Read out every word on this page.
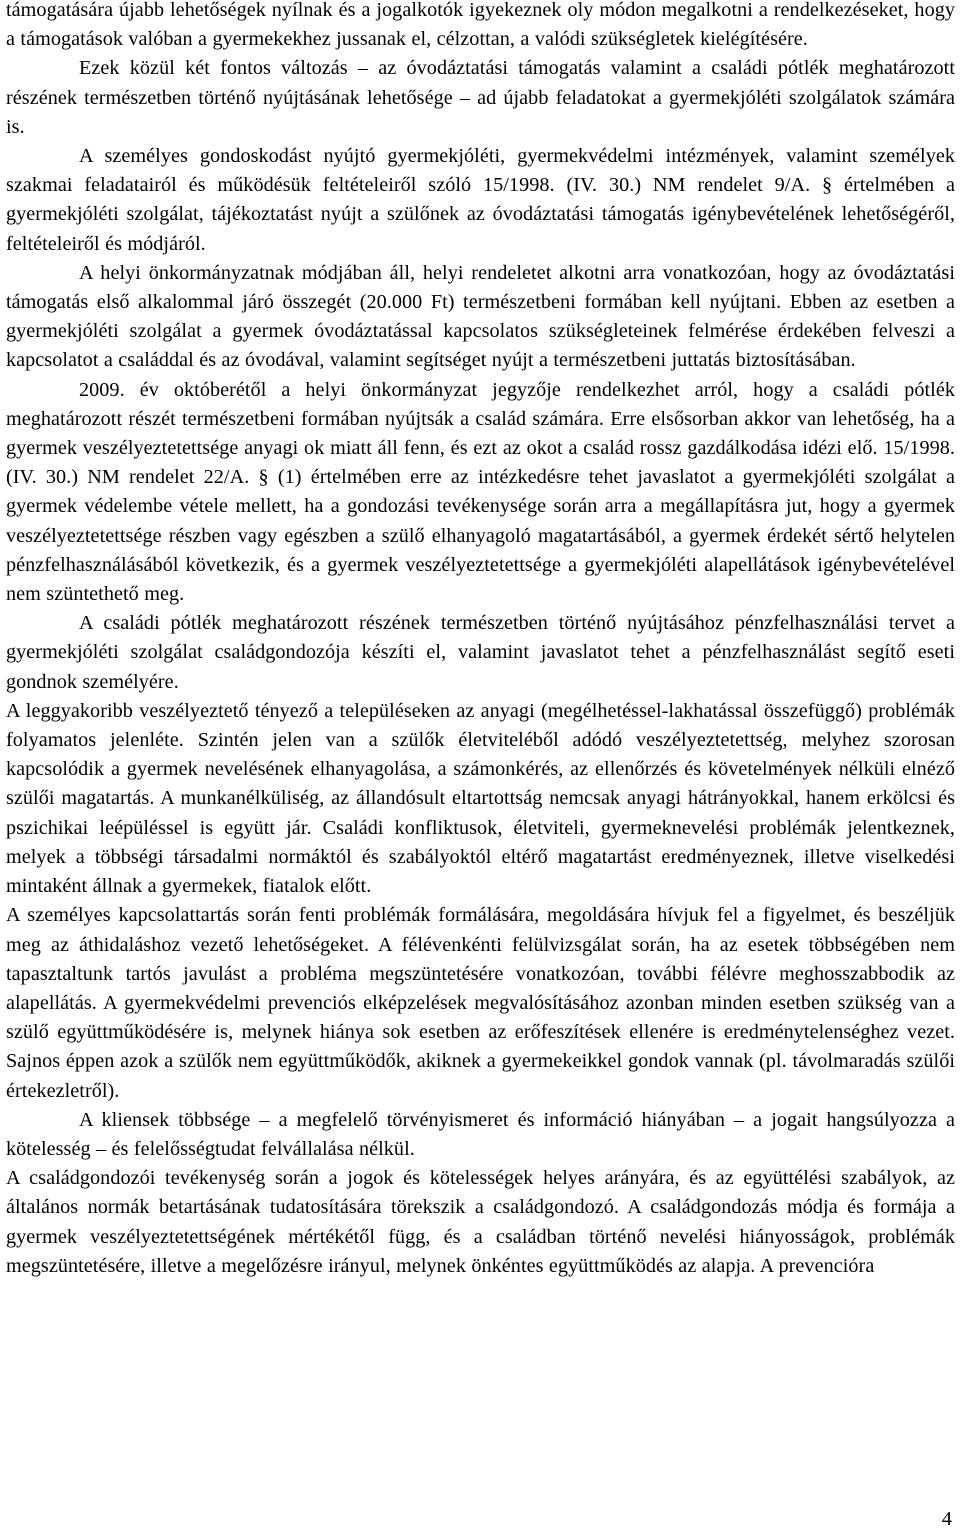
támogatására újabb lehetőségek nyílnak és a jogalkotók igyekeznek oly módon megalkotni a rendelkezéseket, hogy a támogatások valóban a gyermekekhez jussanak el, célzottan, a valódi szükségletek kielégítésére.

Ezek közül két fontos változás – az óvodáztatási támogatás valamint a családi pótlék meghatározott részének természetben történő nyújtásának lehetősége – ad újabb feladatokat a gyermekjóléti szolgálatok számára is.

A személyes gondoskodást nyújtó gyermekjóléti, gyermekvédelmi intézmények, valamint személyek szakmai feladatairól és működésük feltételeiről szóló 15/1998. (IV. 30.) NM rendelet 9/A. § értelmében a gyermekjóléti szolgálat, tájékoztatást nyújt a szülőnek az óvodáztatási támogatás igénybevételének lehetőségéről, feltételeiről és módjáról.

A helyi önkormányzatnak módjában áll, helyi rendeletet alkotni arra vonatkozóan, hogy az óvodáztatási támogatás első alkalommal járó összegét (20.000 Ft) természetbeni formában kell nyújtani. Ebben az esetben a gyermekjóléti szolgálat a gyermek óvodáztatással kapcsolatos szükségleteinek felmérése érdekében felveszi a kapcsolatot a családdal és az óvodával, valamint segítséget nyújt a természetbeni juttatás biztosításában.

2009. év októberétől a helyi önkormányzat jegyzője rendelkezhet arról, hogy a családi pótlék meghatározott részét természetbeni formában nyújtsák a család számára. Erre elsősorban akkor van lehetőség, ha a gyermek veszélyeztetettsége anyagi ok miatt áll fenn, és ezt az okot a család rossz gazdálkodása idézi elő. 15/1998. (IV. 30.) NM rendelet 22/A. § (1) értelmében erre az intézkedésre tehet javaslatot a gyermekjóléti szolgálat a gyermek védelembe vétele mellett, ha a gondozási tevékenysége során arra a megállapításra jut, hogy a gyermek veszélyeztetettsége részben vagy egészben a szülő elhanyagoló magatartásából, a gyermek érdekét sértő helytelen pénzfelhasználásából következik, és a gyermek veszélyeztetettsége a gyermekjóléti alapellátások igénybevételével nem szüntethető meg.

A családi pótlék meghatározott részének természetben történő nyújtásához pénzfelhasználási tervet a gyermekjóléti szolgálat családgondozója készíti el, valamint javaslatot tehet a pénzfelhasználást segítő eseti gondnok személyére.

A leggyakoribb veszélyeztető tényező a településeken az anyagi (megélhetéssel-lakhatással összefüggő) problémák folyamatos jelenléte. Szintén jelen van a szülők életviteléből adódó veszélyeztetettség, melyhez szorosan kapcsolódik a gyermek nevelésének elhanyagolása, a számonkérés, az ellenőrzés és követelmények nélküli elnéző szülői magatartás. A munkanélküliség, az állandósult eltartottság nemcsak anyagi hátrányokkal, hanem erkölcsi és pszichikai leépüléssel is együtt jár. Családi konfliktusok, életviteli, gyermeknevelési problémák jelentkeznek, melyek a többségi társadalmi normáktól és szabályoktól eltérő magatartást eredményeznek, illetve viselkedési mintaként állnak a gyermekek, fiatalok előtt.

A személyes kapcsolattartás során fenti problémák formálására, megoldására hívjuk fel a figyelmet, és beszéljük meg az áthidaláshoz vezető lehetőségeket. A félévenkénti felülvizsgálat során, ha az esetek többségében nem tapasztaltunk tartós javulást a probléma megszüntetésére vonatkozóan, további félévre meghosszabbodik az alapellátás. A gyermekvédelmi prevenciós elképzelések megvalósításához azonban minden esetben szükség van a szülő együttműködésére is, melynek hiánya sok esetben az erőfeszítések ellenére is eredménytelenséghez vezet. Sajnos éppen azok a szülők nem együttműködők, akiknek a gyermekeikkel gondok vannak (pl. távolmaradás szülői értekezletről).

A kliensek többsége – a megfelelő törvényismeret és információ hiányában – a jogait hangsúlyozza a kötelesség – és felelősségtudat felvállalása nélkül.

A családgondozói tevékenység során a jogok és kötelességek helyes arányára, és az együttélési szabályok, az általános normák betartásának tudatosítására törekszik a családgondozó. A családgondozás módja és formája a gyermek veszélyeztetettségének mértékétől függ, és a családban történő nevelési hiányosságok, problémák megszüntetésére, illetve a megelőzésre irányul, melynek önkéntes együttműködés az alapja. A prevencióra

4
